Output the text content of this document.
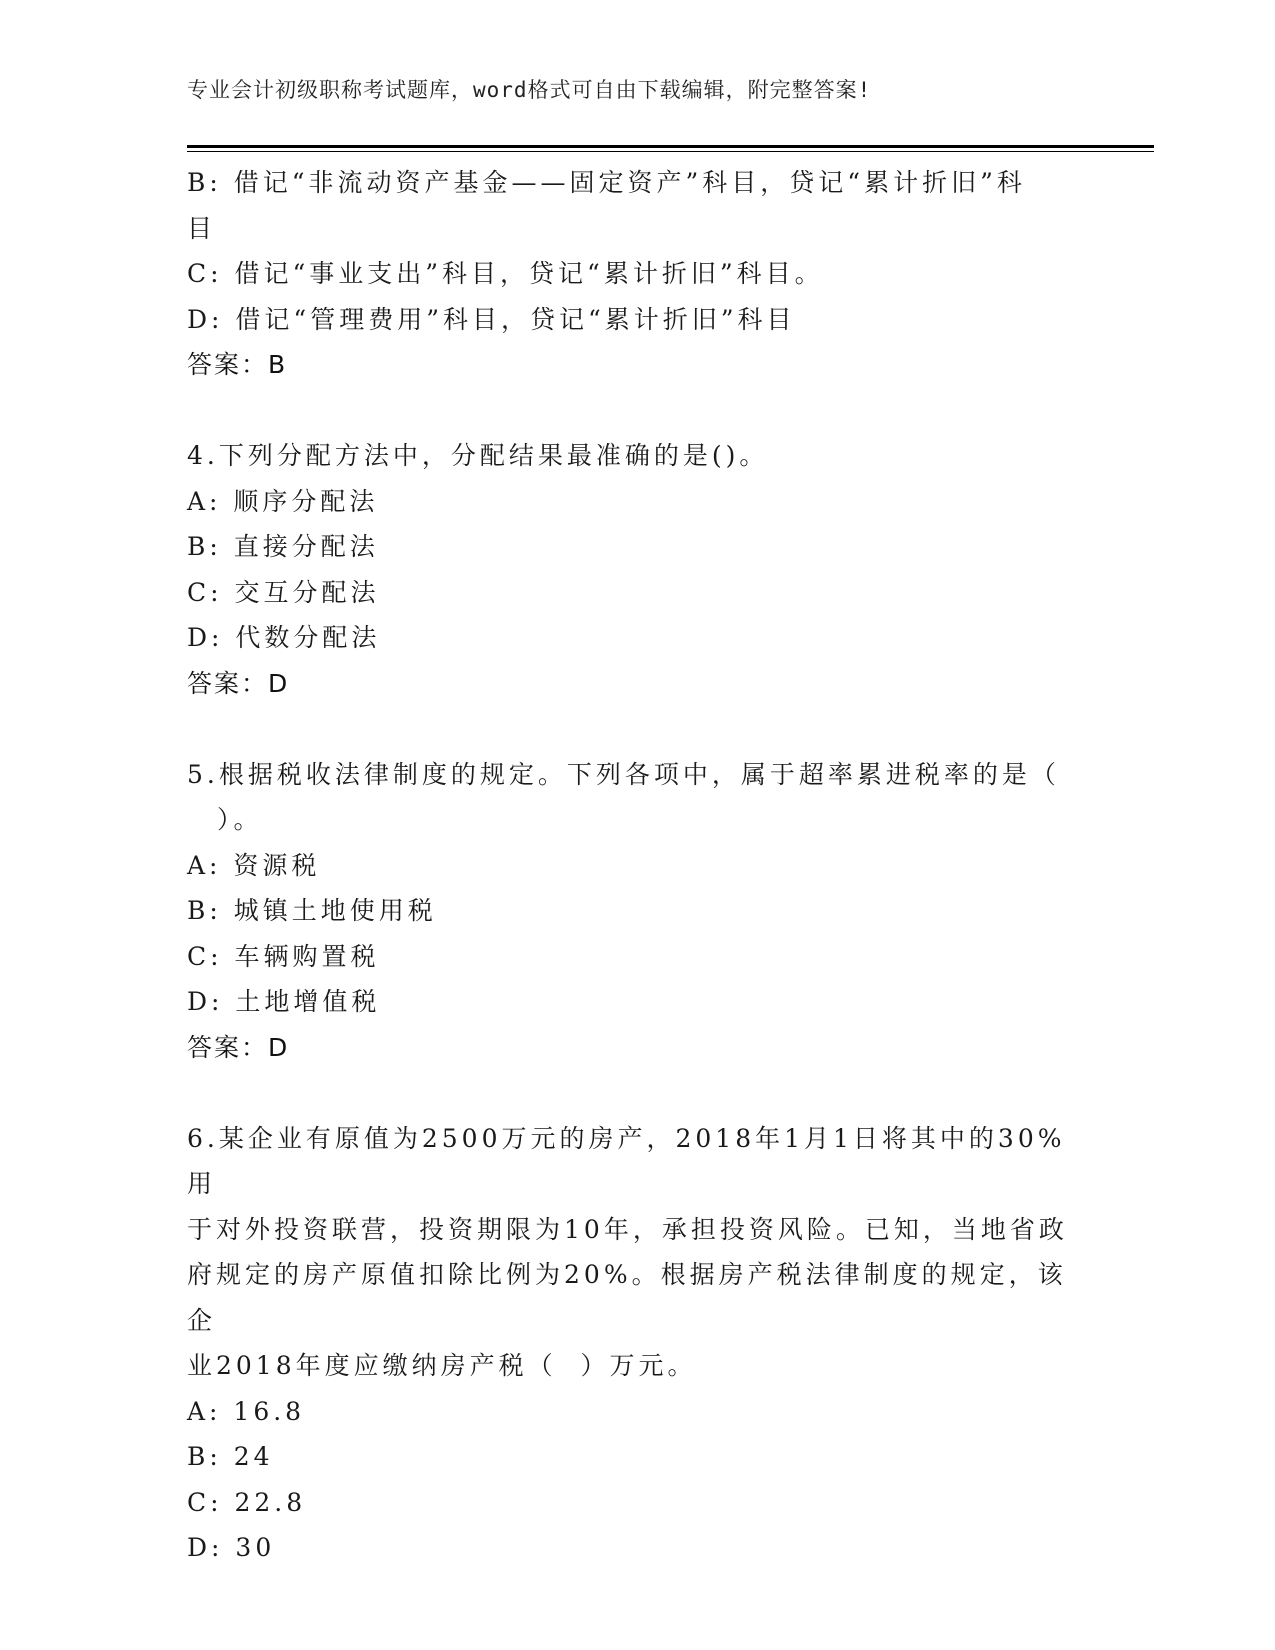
专业会计初级职称考试题库，word格式可自由下载编辑，附完整答案!
B: 借记“非流动资产基金——固定资产”科目，贷记“累计折旧”科
目
C: 借记“事业支出”科目，贷记“累计折旧”科目。
D: 借记“管理费用”科目，贷记“累计折旧”科目
答案：B
4.下列分配方法中，分配结果最准确的是()。
A: 顺序分配法
B: 直接分配法
C: 交互分配法
D: 代数分配法
答案：D
5.根据税收法律制度的规定。下列各项中，属于超率累进税率的是（
）。
A: 资源税
B: 城镇土地使用税
C: 车辆购置税
D: 土地增值税
答案：D
6.某企业有原值为2500万元的房产，2018年1月1日将其中的30%用
于对外投资联营，投资期限为10年，承担投资风险。已知，当地省政
府规定的房产原值扣除比例为20%。根据房产税法律制度的规定，该企
业2018年度应缴纳房产税（  ）万元。
A: 16.8
B: 24
C: 22.8
D: 30
